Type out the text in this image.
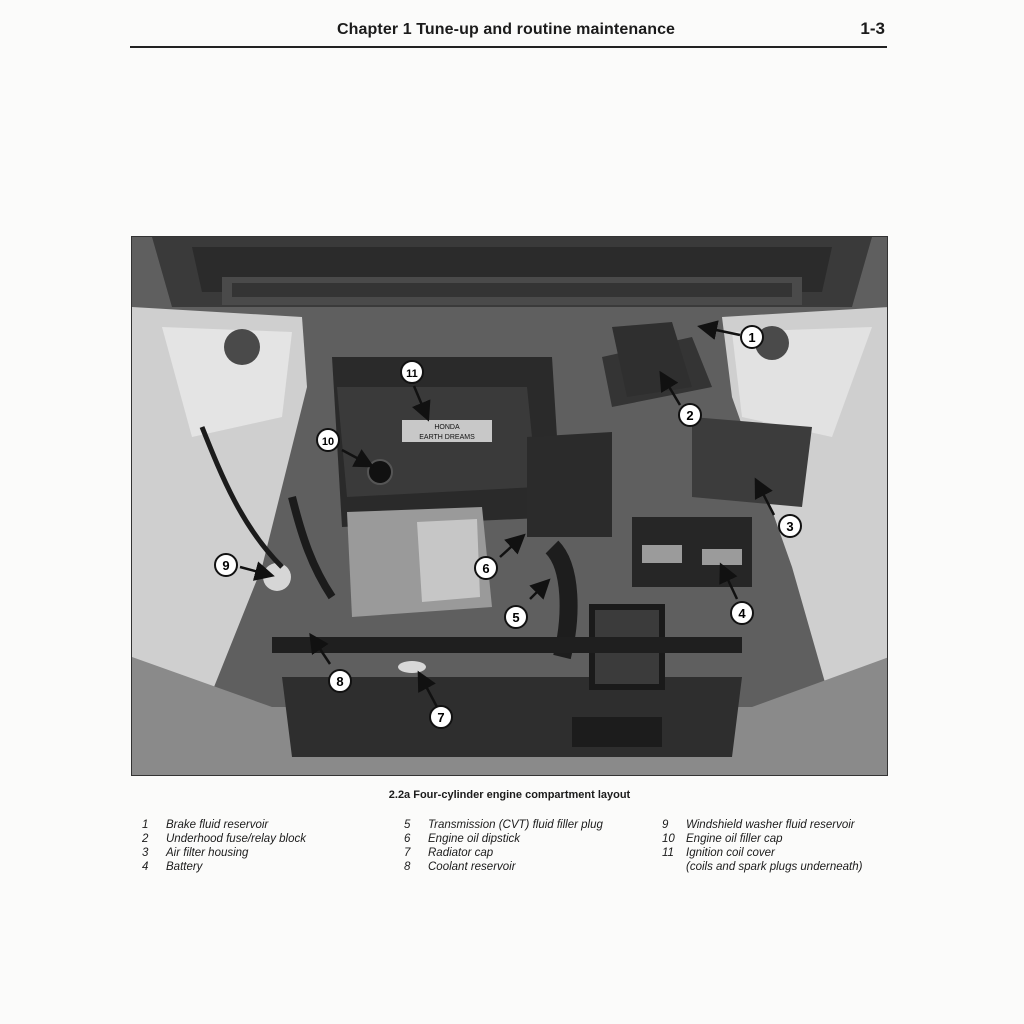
Chapter 1 Tune-up and routine maintenance	1-3
HONDA
EARTH DREAMS
1
2
3
4
5
6
7
8
9
10
11
2.2a Four-cylinder engine compartment layout
1	Brake fluid reservoir
2	Underhood fuse/relay block
3	Air filter housing
4	Battery
5	Transmission (CVT) fluid filler plug
6	Engine oil dipstick
7	Radiator cap
8	Coolant reservoir
9	Windshield washer fluid reservoir
10 Engine oil filler cap
11	Ignition coil cover
(coils and spark plugs underneath)
